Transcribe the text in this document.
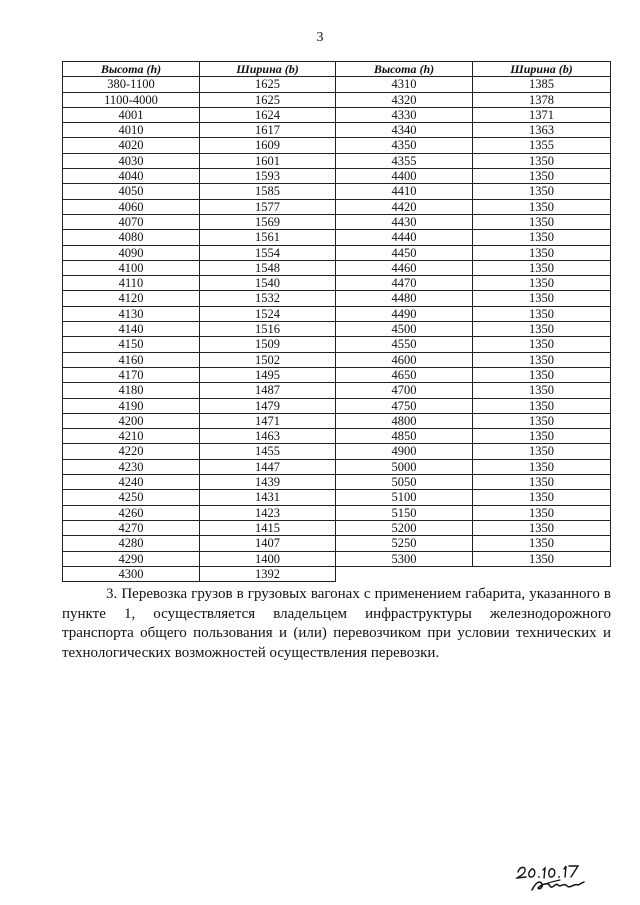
3
Высота (h)	Ширина (b)	Высота (h)	Ширина (b)
380-1100	1625	4310	1385
1100-4000	1625	4320	1378
4001	1624	4330	1371
4010	1617	4340	1363
4020	1609	4350	1355
4030	1601	4355	1350
4040	1593	4400	1350
4050	1585	4410	1350
4060	1577	4420	1350
4070	1569	4430	1350
4080	1561	4440	1350
4090	1554	4450	1350
4100	1548	4460	1350
4110	1540	4470	1350
4120	1532	4480	1350
4130	1524	4490	1350
4140	1516	4500	1350
4150	1509	4550	1350
4160	1502	4600	1350
4170	1495	4650	1350
4180	1487	4700	1350
4190	1479	4750	1350
4200	1471	4800	1350
4210	1463	4850	1350
4220	1455	4900	1350
4230	1447	5000	1350
4240	1439	5050	1350
4250	1431	5100	1350
4260	1423	5150	1350
4270	1415	5200	1350
4280	1407	5250	1350
4290	1400	5300	1350
4300	1392		
3. Перевозка грузов в грузовых вагонах с применением габарита, указанного в пункте 1, осуществляется владельцем инфраструктуры железнодорожного транспорта общего пользования и (или) перевозчиком при условии технических и технологических возможностей осуществления перевозки.
